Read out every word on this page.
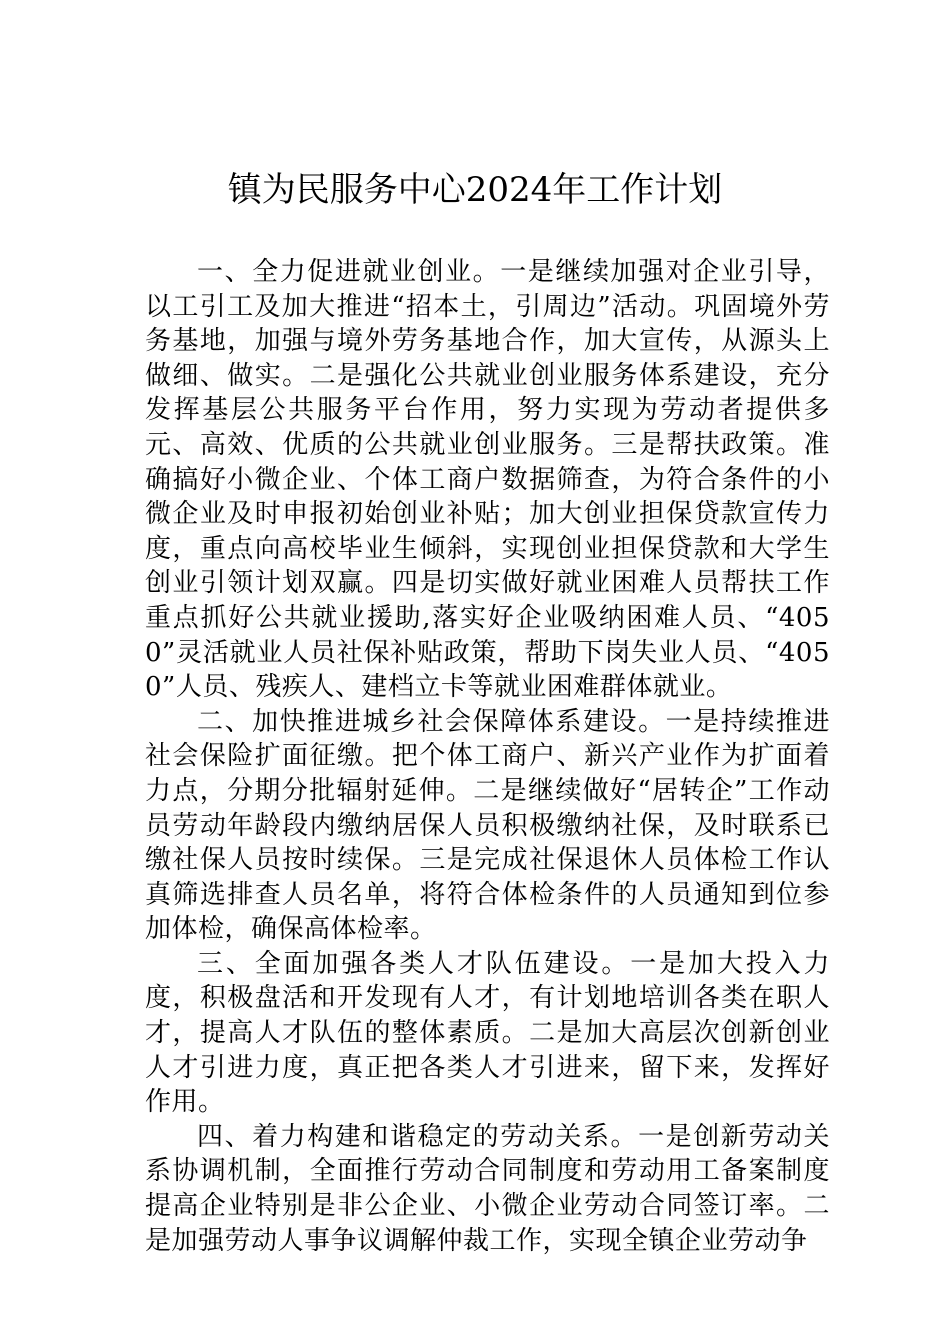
镇为民服务中心2024年工作计划

一、全力促进就业创业。一是继续加强对企业引导，以工引工及加大推进“招本土，引周边”活动。巩固境外劳务基地，加强与境外劳务基地合作，加大宣传，从源头上做细、做实。二是强化公共就业创业服务体系建设，充分发挥基层公共服务平台作用，努力实现为劳动者提供多元、高效、优质的公共就业创业服务。三是帮扶政策。准确搞好小微企业、个体工商户数据筛查，为符合条件的小微企业及时申报初始创业补贴；加大创业担保贷款宣传力度，重点向高校毕业生倾斜，实现创业担保贷款和大学生创业引领计划双赢。四是切实做好就业困难人员帮扶工作重点抓好公共就业援助,落实好企业吸纳困难人员、“4050”灵活就业人员社保补贴政策，帮助下岗失业人员、“4050”人员、残疾人、建档立卡等就业困难群体就业。

二、加快推进城乡社会保障体系建设。一是持续推进社会保险扩面征缴。把个体工商户、新兴产业作为扩面着力点，分期分批辐射延伸。二是继续做好“居转企”工作动员劳动年龄段内缴纳居保人员积极缴纳社保，及时联系已缴社保人员按时续保。三是完成社保退休人员体检工作认真筛选排查人员名单，将符合体检条件的人员通知到位参加体检，确保高体检率。

三、全面加强各类人才队伍建设。一是加大投入力度，积极盘活和开发现有人才，有计划地培训各类在职人才，提高人才队伍的整体素质。二是加大高层次创新创业人才引进力度，真正把各类人才引进来，留下来，发挥好作用。

四、着力构建和谐稳定的劳动关系。一是创新劳动关系协调机制，全面推行劳动合同制度和劳动用工备案制度提高企业特别是非公企业、小微企业劳动合同签订率。二是加强劳动人事争议调解仲裁工作，实现全镇企业劳动争
